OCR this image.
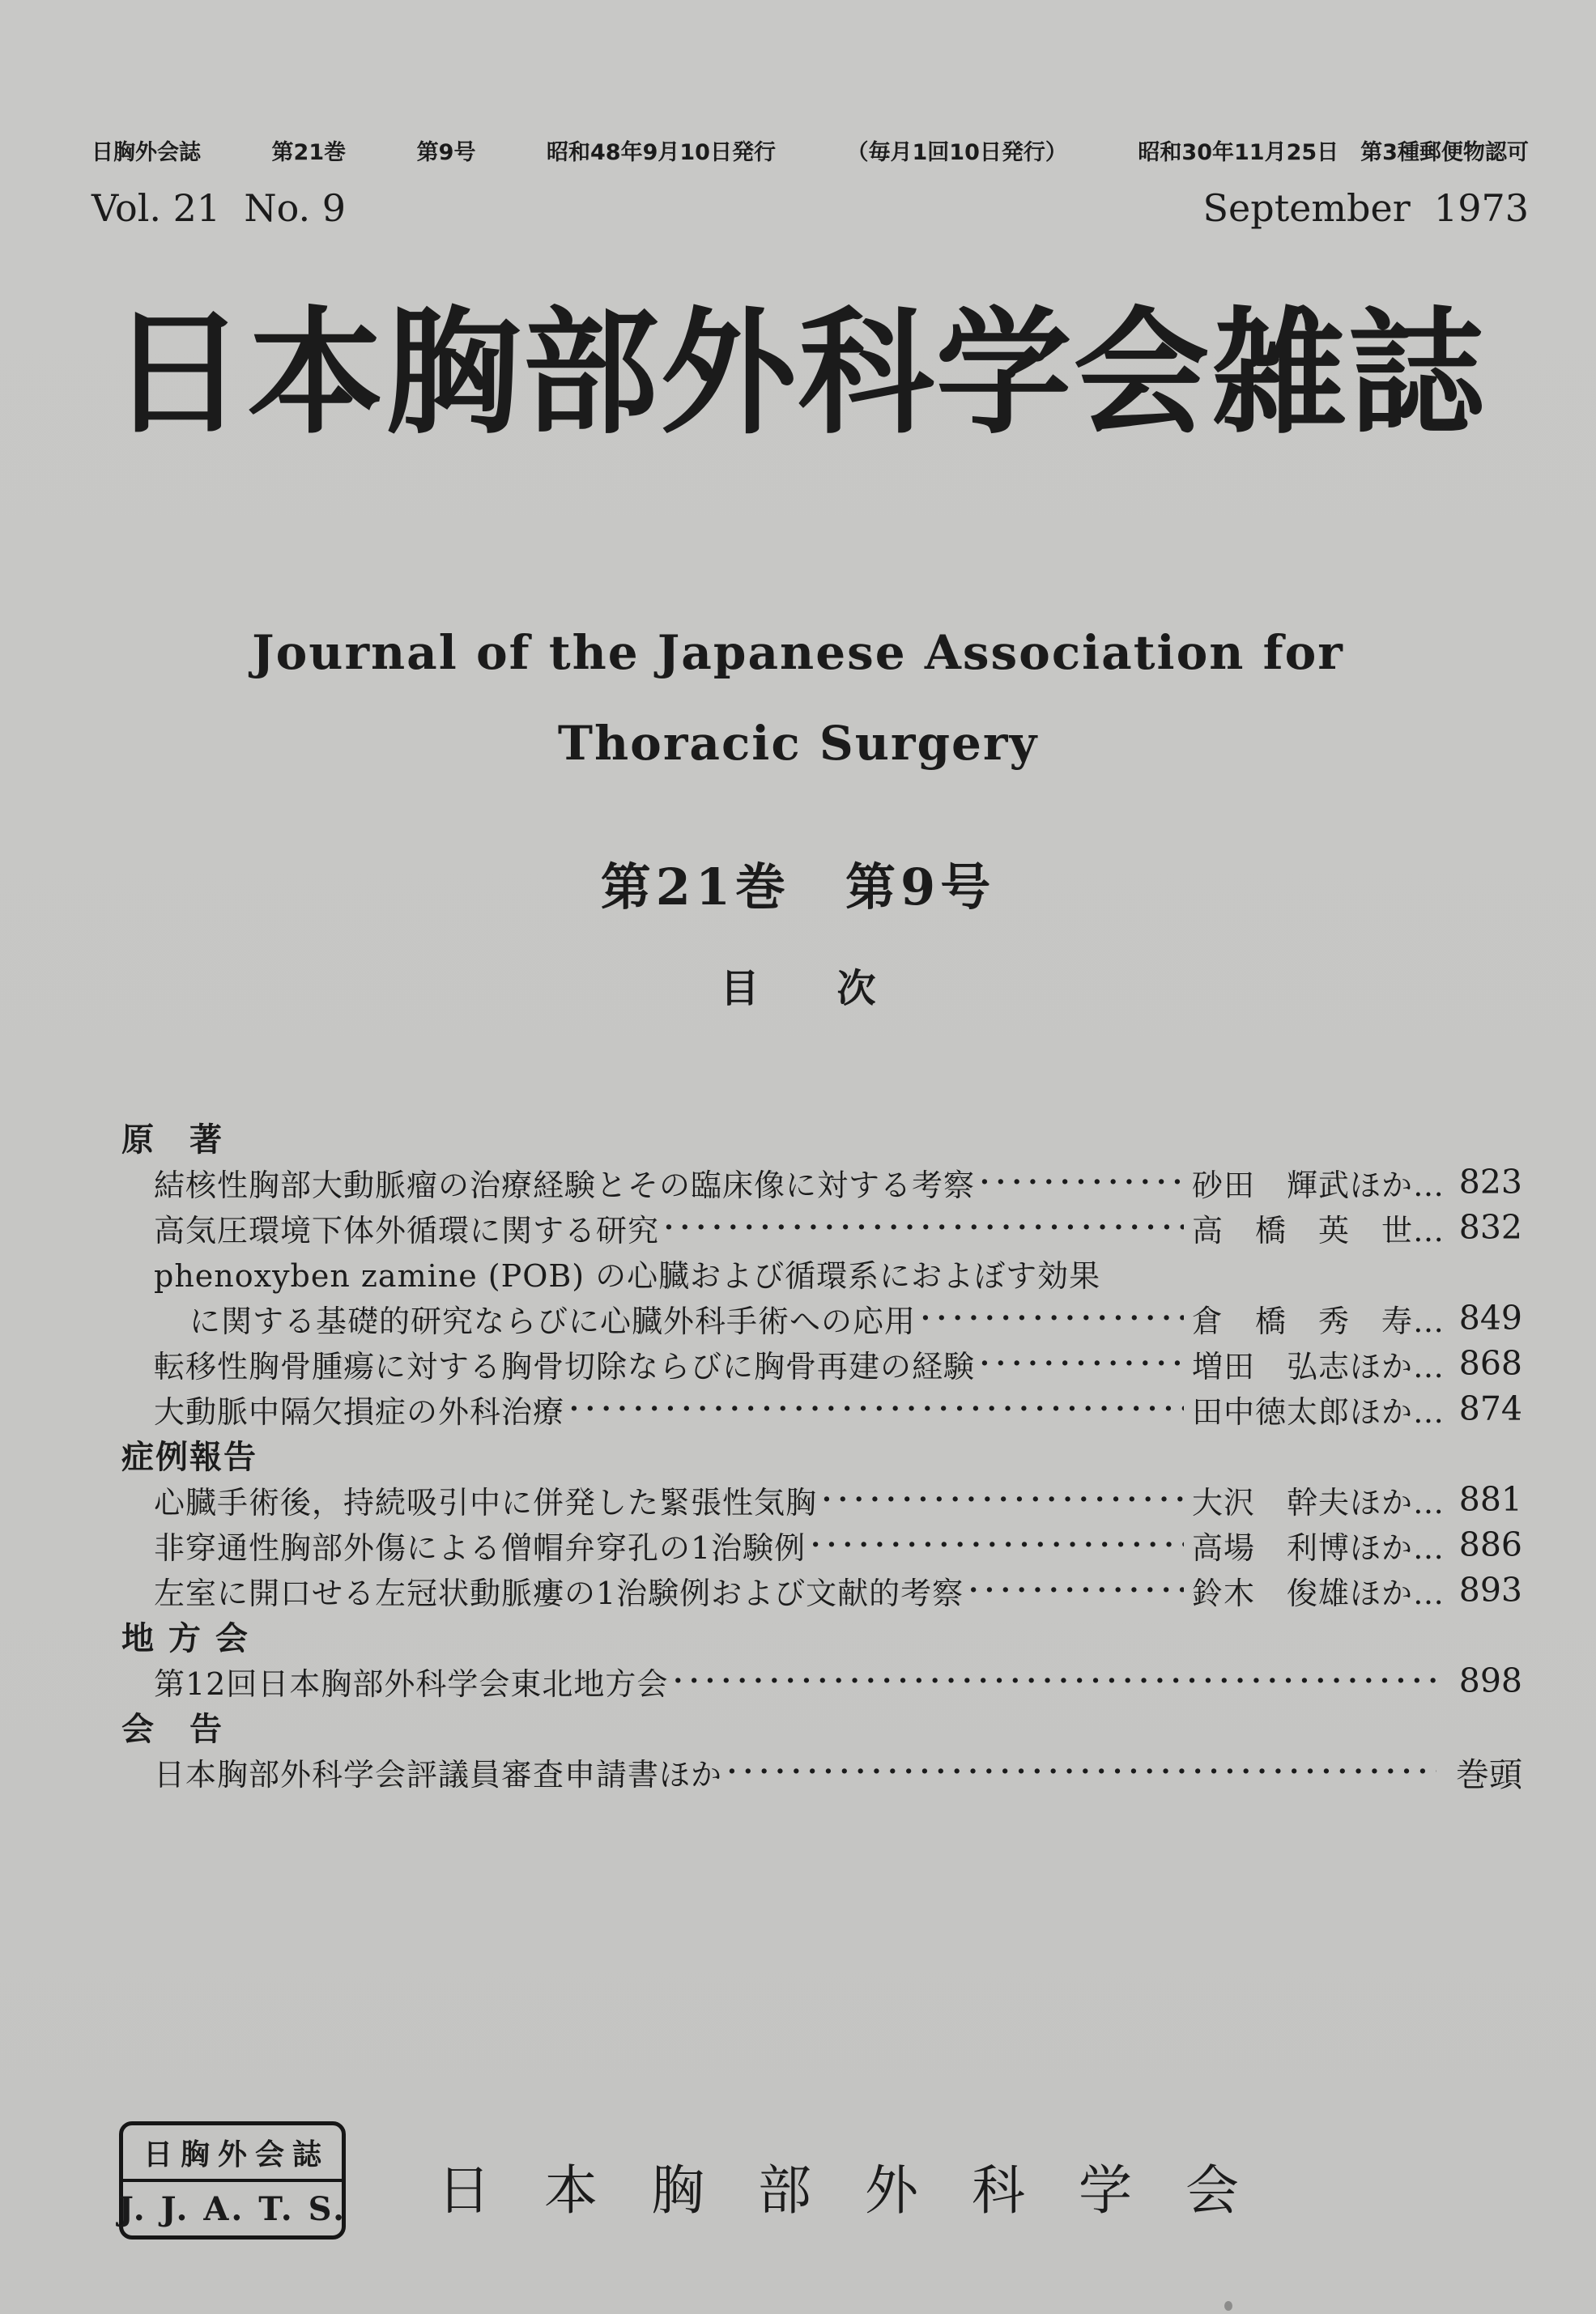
日胸外会誌	第21巻	第9号	昭和48年9月10日発行	（毎月1回10日発行）	昭和30年11月25日　第3種郵便物認可
Vol. 21  No. 9	September  1973
日本胸部外科学会雑誌
Journal of the Japanese Association for
Thoracic Surgery
第21巻　第9号
目　　次
原　著
結核性胸部大動脈瘤の治療経験とその臨床像に対する考察 ·····	砂田　輝武ほか… 823
高気圧環境下体外循環に関する研究 ·····	高　橋　英　世… 832
phenoxyben zamine (POB) の心臓および循環系におよぼす効果
に関する基礎的研究ならびに心臓外科手術への応用 ·····	倉　橋　秀　寿… 849
転移性胸骨腫瘍に対する胸骨切除ならびに胸骨再建の経験 ·····	増田　弘志ほか… 868
大動脈中隔欠損症の外科治療 ·····	田中徳太郎ほか… 874
症例報告
心臓手術後，持続吸引中に併発した緊張性気胸 ·····	大沢　幹夫ほか… 881
非穿通性胸部外傷による僧帽弁穿孔の1治験例 ·····	高場　利博ほか… 886
左室に開口せる左冠状動脈瘻の1治験例および文献的考察 ·····	鈴木　俊雄ほか… 893
地 方 会
第12回日本胸部外科学会東北地方会 ·····	898
会　告
日本胸部外科学会評議員審査申請書ほか ·····	巻頭
日胸外会誌
J. J. A. T. S. 日本胸部外科学会
